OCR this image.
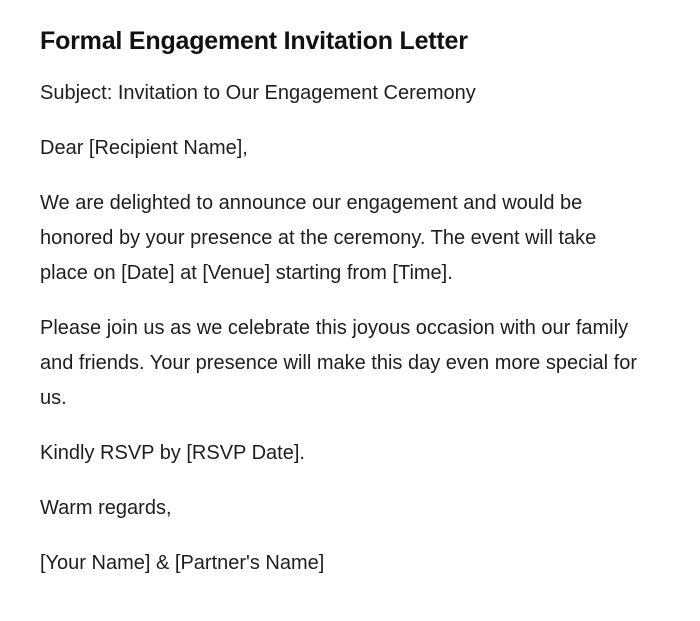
Formal Engagement Invitation Letter

Subject: Invitation to Our Engagement Ceremony

Dear [Recipient Name],

We are delighted to announce our engagement and would be honored by your presence at the ceremony. The event will take place on [Date] at [Venue] starting from [Time].

Please join us as we celebrate this joyous occasion with our family and friends. Your presence will make this day even more special for us.

Kindly RSVP by [RSVP Date].

Warm regards,

[Your Name] & [Partner's Name]
